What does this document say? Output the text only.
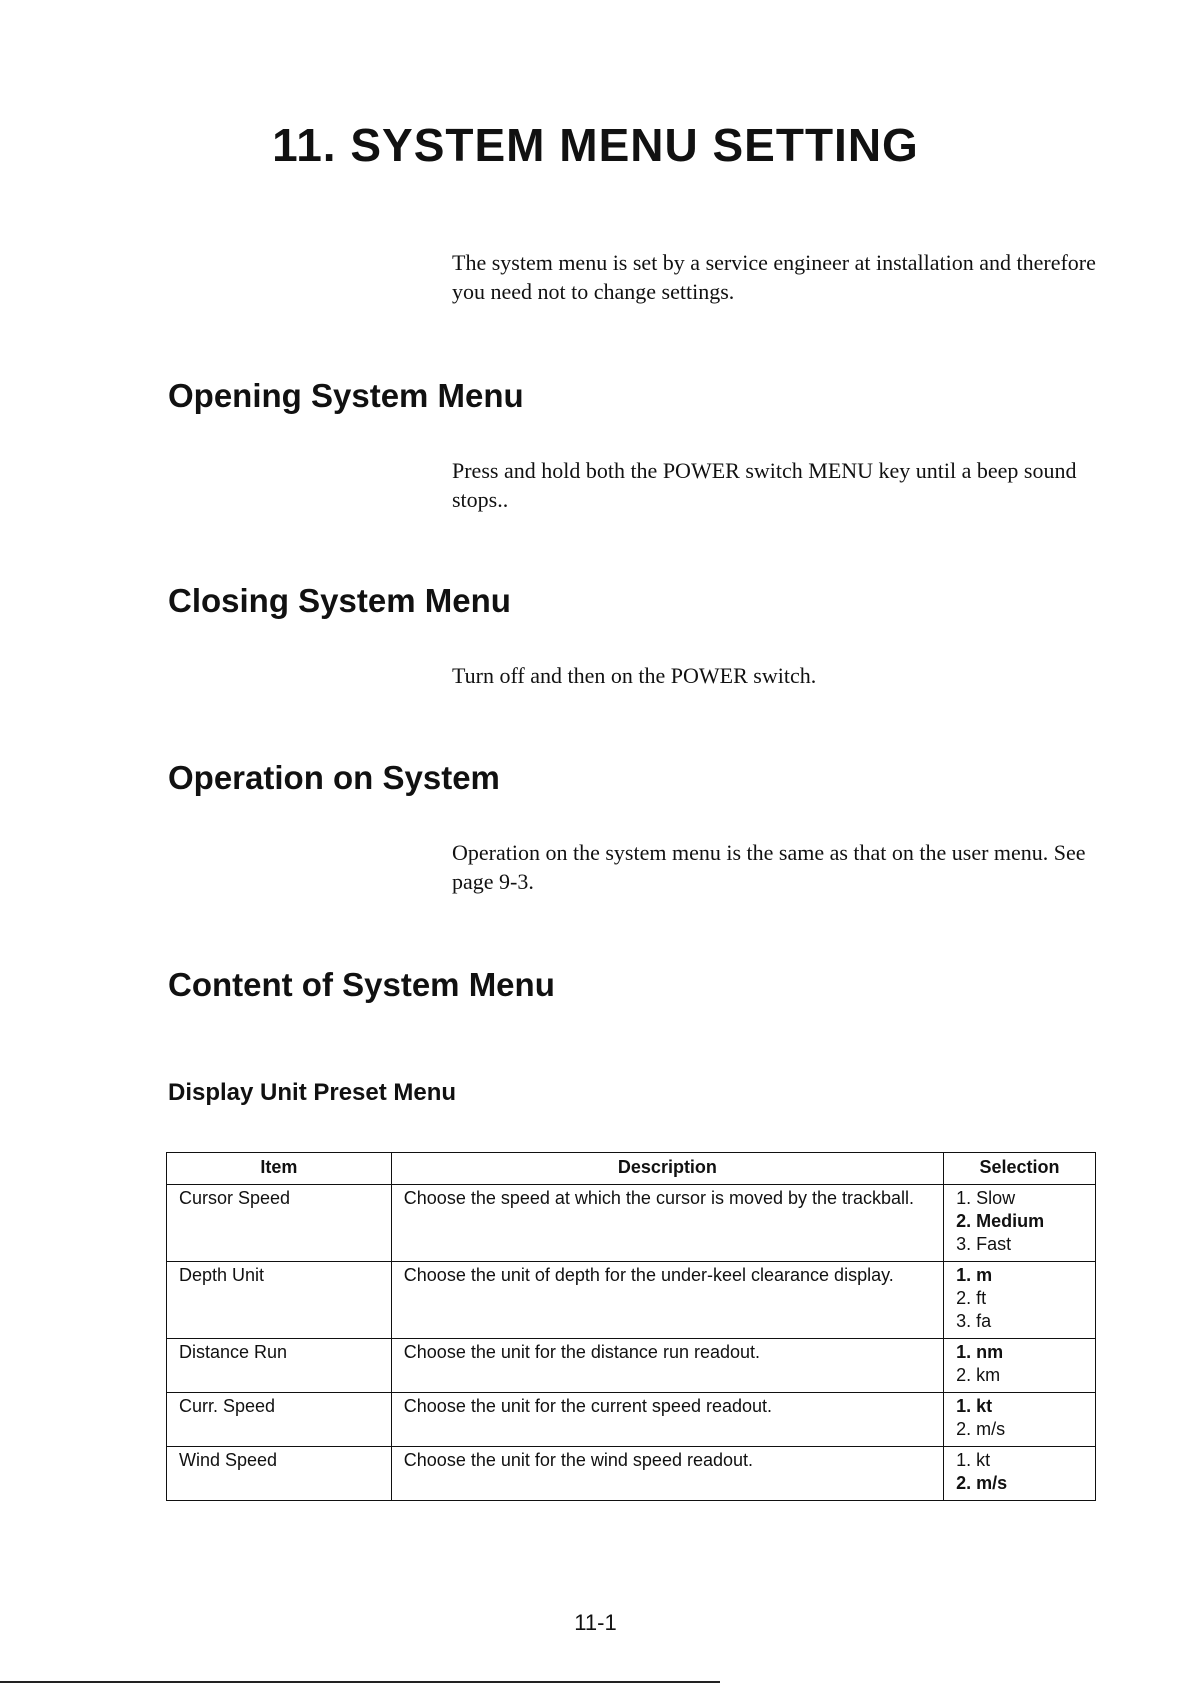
11. SYSTEM MENU SETTING

The system menu is set by a service engineer at installation and therefore you need not to change settings.

Opening System Menu

Press and hold both the POWER switch MENU key until a beep sound stops..

Closing System Menu

Turn off and then on the POWER switch.

Operation on System

Operation on the system menu is the same as that on the user menu. See page 9-3.

Content of System Menu
Display Unit Preset Menu
Item	Description	Selection
Cursor Speed	Choose the speed at which the cursor is moved by the trackball.	1. Slow
2. Medium
3. Fast

Depth Unit	Choose the unit of depth for the under-keel clearance display.	1. m
2. ft
3. fa

Distance Run	Choose the unit for the distance run readout.	1. nm
2. km

Curr. Speed	Choose the unit for the current speed readout.	1. kt
2. m/s

Wind Speed	Choose the unit for the wind speed readout.	1. kt
2. m/s

11-1
